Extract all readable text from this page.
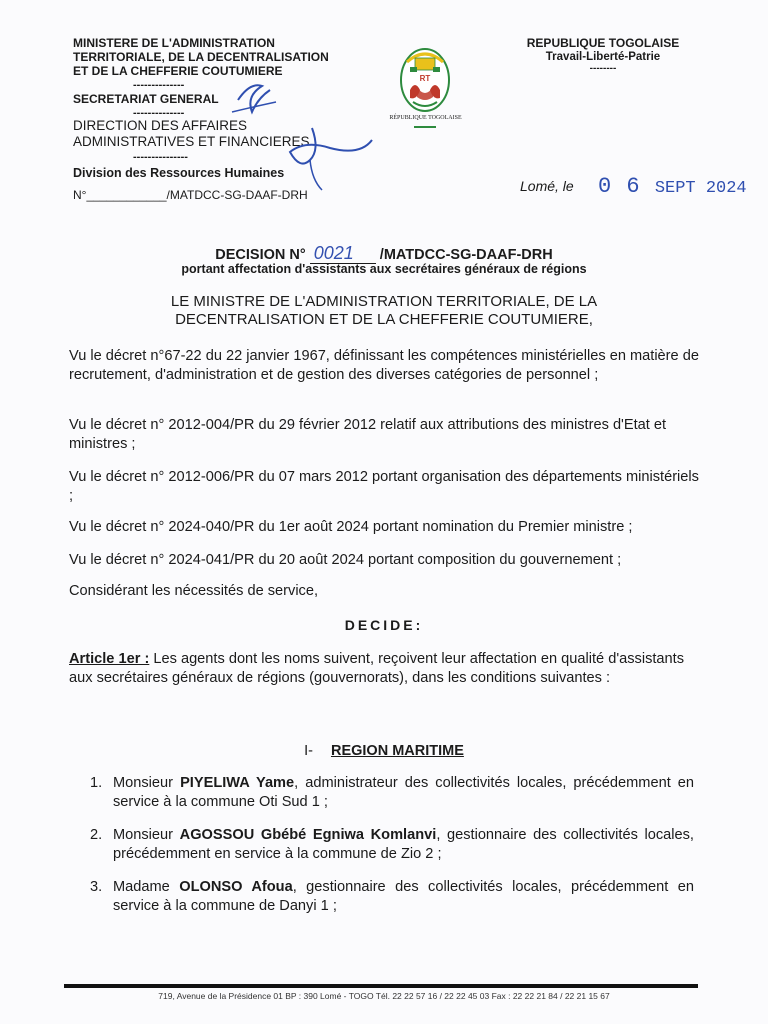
MINISTERE DE L'ADMINISTRATION
TERRITORIALE, DE LA DECENTRALISATION
ET DE LA CHEFFERIE COUTUMIERE
--------------
SECRETARIAT GENERAL
--------------
DIRECTION DES AFFAIRES
ADMINISTRATIVES ET FINANCIERES
---------------
Division des Ressources Humaines
N°____________/MATDCC-SG-DAAF-DRH
RT
RÉPUBLIQUE TOGOLAISE
REPUBLIQUE TOGOLAISE
Travail-Liberté-Patrie
--------
Lomé, le 0 6 SEPT 2024
DECISION N° 0021 /MATDCC-SG-DAAF-DRH
portant affectation d'assistants aux secrétaires généraux de régions
LE MINISTRE DE L'ADMINISTRATION TERRITORIALE, DE LA
DECENTRALISATION ET DE LA CHEFFERIE COUTUMIERE,
Vu le décret n°67-22 du 22 janvier 1967, définissant les compétences ministérielles en matière de recrutement, d'administration et de gestion des diverses catégories de personnel ;
Vu le décret n° 2012-004/PR du 29 février 2012 relatif aux attributions des ministres d'Etat et ministres ;
Vu le décret n° 2012-006/PR du 07 mars 2012 portant organisation des départements ministériels ;
Vu le décret n° 2024-040/PR du 1er août 2024 portant nomination du Premier ministre ;
Vu le décret n° 2024-041/PR du 20 août 2024 portant composition du gouvernement ;
Considérant les nécessités de service,
DECIDE:
Article 1er : Les agents dont les noms suivent, reçoivent leur affectation en qualité d'assistants aux secrétaires généraux de régions (gouvernorats), dans les conditions suivantes :
I- REGION MARITIME
1. Monsieur PIYELIWA Yame, administrateur des collectivités locales, précédemment en service à la commune Oti Sud 1 ;
2. Monsieur AGOSSOU Gbébé Egniwa Komlanvi, gestionnaire des collectivités locales, précédemment en service à la commune de Zio 2 ;
3. Madame OLONSO Afoua, gestionnaire des collectivités locales, précédemment en service à la commune de Danyi 1 ;
719, Avenue de la Présidence 01 BP : 390 Lomé - TOGO Tél. 22 22 57 16 / 22 22 45 03 Fax : 22 22 21 84 / 22 21 15 67
